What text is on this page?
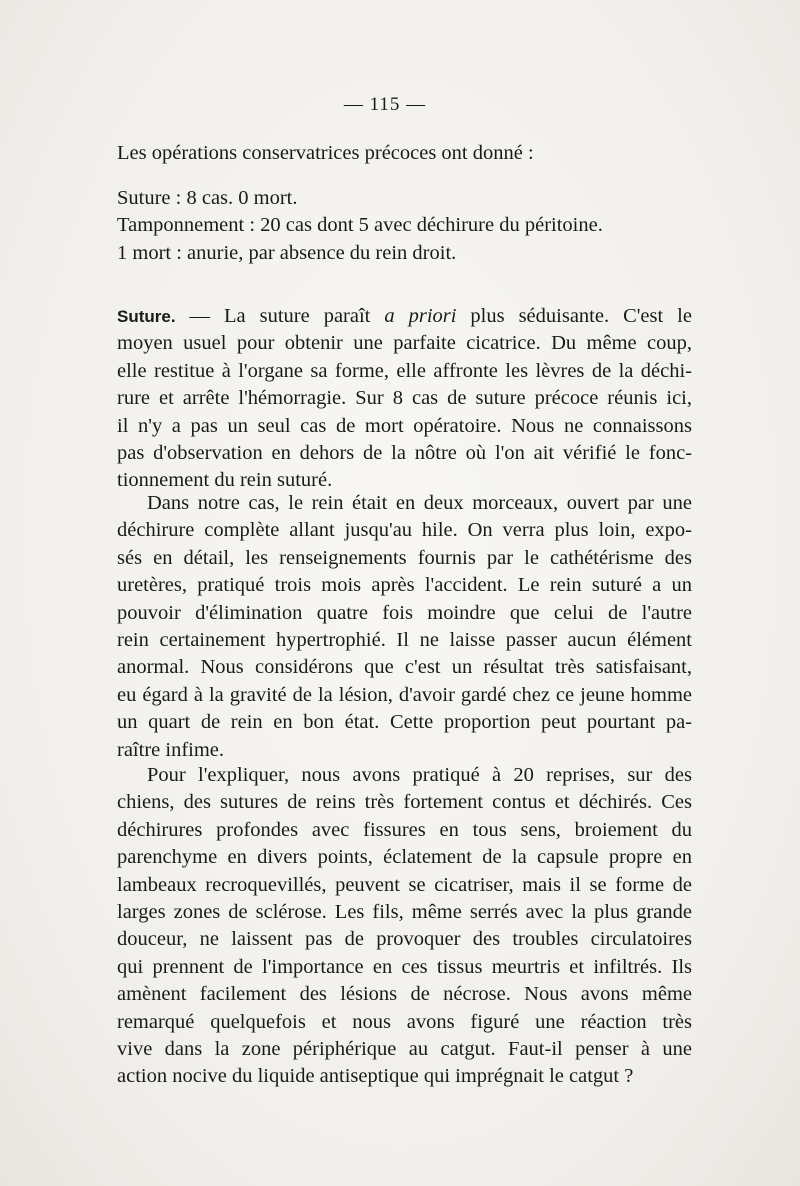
— 115 —
Les opérations conservatrices précoces ont donné :
Suture : 8 cas. 0 mort.
Tamponnement : 20 cas dont 5 avec déchirure du péritoine.
1 mort : anurie, par absence du rein droit.
Suture. — La suture paraît a priori plus séduisante. C'est le
moyen usuel pour obtenir une parfaite cicatrice. Du même coup,
elle restitue à l'organe sa forme, elle affronte les lèvres de la déchi-
rure et arrête l'hémorragie. Sur 8 cas de suture précoce réunis ici,
il n'y a pas un seul cas de mort opératoire. Nous ne connaissons
pas d'observation en dehors de la nôtre où l'on ait vérifié le fonc-
tionnement du rein suturé.
Dans notre cas, le rein était en deux morceaux, ouvert par une
déchirure complète allant jusqu'au hile. On verra plus loin, expo-
sés en détail, les renseignements fournis par le cathétérisme des
uretères, pratiqué trois mois après l'accident. Le rein suturé a un
pouvoir d'élimination quatre fois moindre que celui de l'autre
rein certainement hypertrophié. Il ne laisse passer aucun élément
anormal. Nous considérons que c'est un résultat très satisfaisant,
eu égard à la gravité de la lésion, d'avoir gardé chez ce jeune homme
un quart de rein en bon état. Cette proportion peut pourtant pa-
raître infime.
Pour l'expliquer, nous avons pratiqué à 20 reprises, sur des
chiens, des sutures de reins très fortement contus et déchirés. Ces
déchirures profondes avec fissures en tous sens, broiement du
parenchyme en divers points, éclatement de la capsule propre en
lambeaux recroquevillés, peuvent se cicatriser, mais il se forme de
larges zones de sclérose. Les fils, même serrés avec la plus grande
douceur, ne laissent pas de provoquer des troubles circulatoires
qui prennent de l'importance en ces tissus meurtris et infiltrés. Ils
amènent facilement des lésions de nécrose. Nous avons même
remarqué quelquefois et nous avons figuré une réaction très
vive dans la zone périphérique au catgut. Faut-il penser à une
action nocive du liquide antiseptique qui imprégnait le catgut ?
